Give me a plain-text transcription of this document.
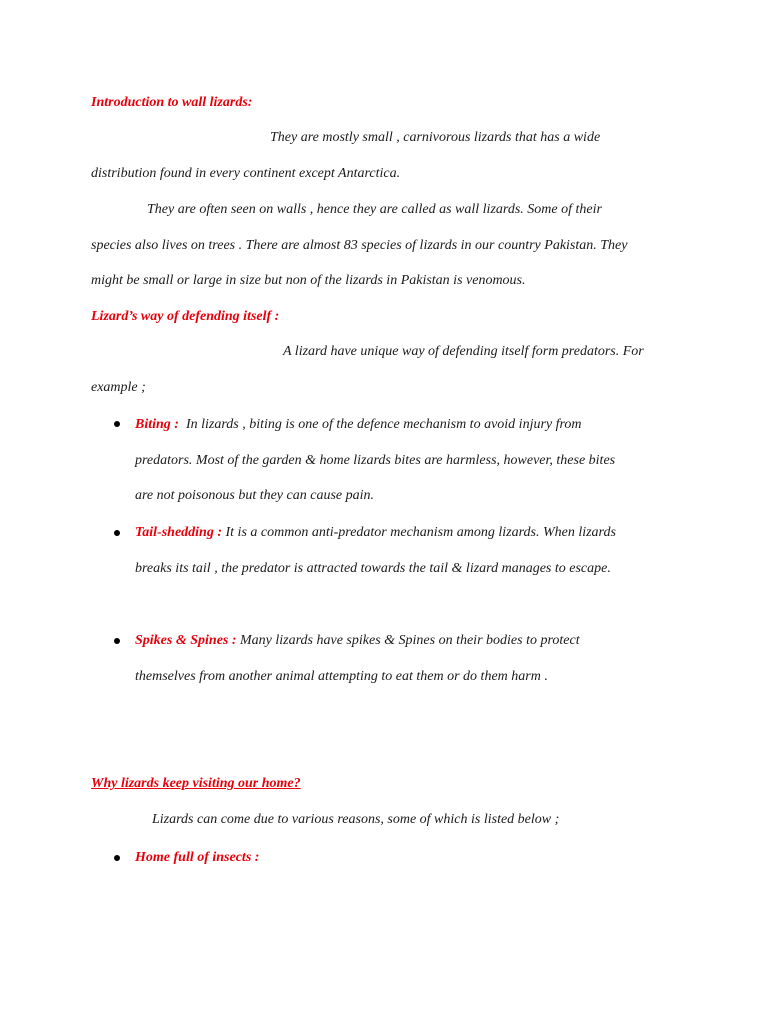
Introduction to wall lizards:
They are mostly small , carnivorous lizards that has a wide
distribution found in every continent except Antarctica.
They are often seen on walls , hence they are called as wall lizards. Some of their
species also lives on trees . There are almost 83 species of lizards in our country Pakistan. They
might be small or large in size but non of the lizards in Pakistan is venomous.
Lizard’s way of defending itself :
A lizard have unique way of defending itself form predators. For
example ;
Biting : In lizards , biting is one of the defence mechanism to avoid injury from
predators. Most of the garden & home lizards bites are harmless, however, these bites
are not poisonous but they can cause pain.
Tail-shedding : It is a common anti-predator mechanism among lizards. When lizards
breaks its tail , the predator is attracted towards the tail & lizard manages to escape.
Spikes & Spines : Many lizards have spikes & Spines on their bodies to protect
themselves from another animal attempting to eat them or do them harm .
Why lizards keep visiting our home?
Lizards can come due to various reasons, some of which is listed below ;
Home full of insects :
